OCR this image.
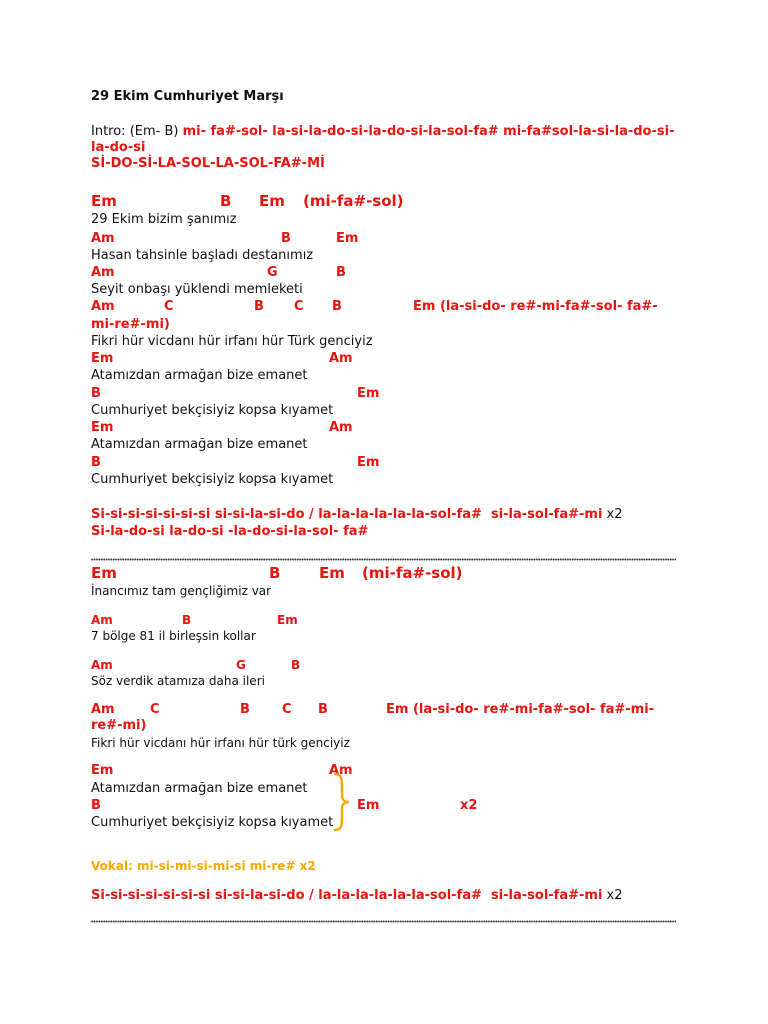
29 Ekim Cumhuriyet Marşı
Intro: (Em- B) mi- fa#-sol- la-si-la-do-si-la-do-si-la-sol-fa# mi-fa#sol-la-si-la-do-si-
la-do-si
Sİ-DO-Sİ-LA-SOL-LA-SOL-FA#-Mİ
Em	B Em (mi-fa#-sol)
29 Ekim bizim şanımız
Am	B	Em
Hasan tahsinle başladı destanımız
Am	G	B
Seyit onbaşı yüklendi memleketi
Am	C	B C B	Em (la-si-do- re#-mi-fa#-sol- fa#-
mi-re#-mi)
Fikri hür vicdanı hür irfanı hür Türk genciyiz
Em	Am
Atamızdan armağan bize emanet
B	Em
Cumhuriyet bekçisiyiz kopsa kıyamet
Em	Am
Atamızdan armağan bize emanet
B	Em
Cumhuriyet bekçisiyiz kopsa kıyamet
Si-si-si-si-si-si-si si-si-la-si-do / la-la-la-la-la-la-sol-fa#  si-la-sol-fa#-mi x2
Si-la-do-si la-do-si -la-do-si-la-sol- fa#
Em	B	Em (mi-fa#-sol)
İnancımız tam gençliğimiz var
Am	B	Em
7 bölge 81 il birleşsin kollar
Am	G	B
Söz verdik atamıza daha ileri
Am	C	B C B	Em (la-si-do- re#-mi-fa#-sol- fa#-mi-
re#-mi)
Fikri hür vicdanı hür irfanı hür türk genciyiz
Em	Am
Atamızdan armağan bize emanet
B	Em	x2
Cumhuriyet bekçisiyiz kopsa kıyamet
Vokal: mi-si-mi-si-mi-si mi-re# x2
Si-si-si-si-si-si-si si-si-la-si-do / la-la-la-la-la-la-sol-fa#  si-la-sol-fa#-mi x2
